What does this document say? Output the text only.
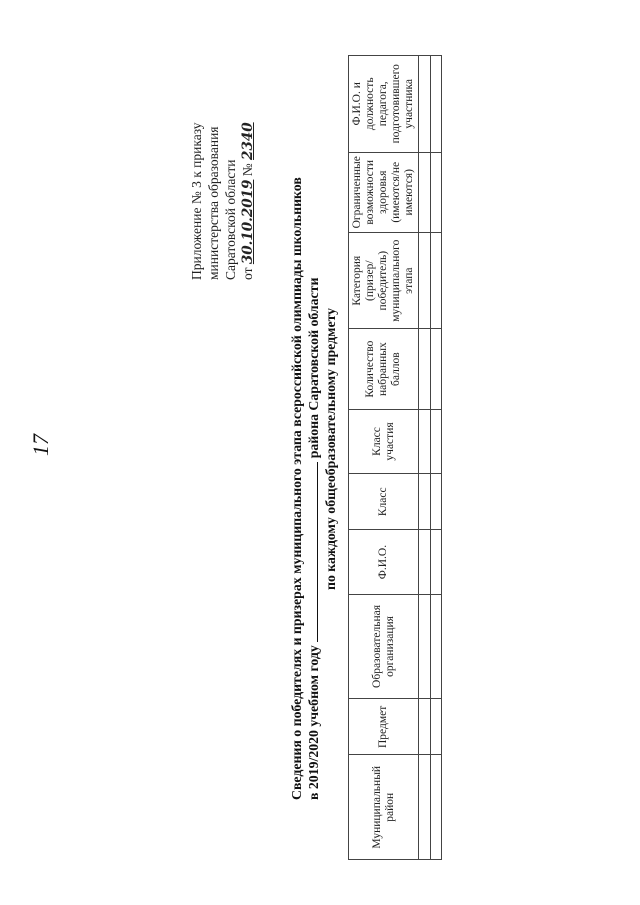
17
Приложение № 3 к приказу министерства образования Саратовской области от 30.10.2019 № 2340
Сведения о победителях и призерах муниципального этапа всероссийской олимпиады школьников в 2019/2020 учебном году  района Саратовской области по каждому общеобразовательному предмету
Муниципальный район	Предмет	Образовательная организация	Ф.И.О.	Класс	Класс участия	Количество набранных баллов	Категория (призер/ победитель) муниципального этапа	Ограниченные возможности здоровья (имеются/не имеются)	Ф.И.О. и должность педагога, подготовившего участника
